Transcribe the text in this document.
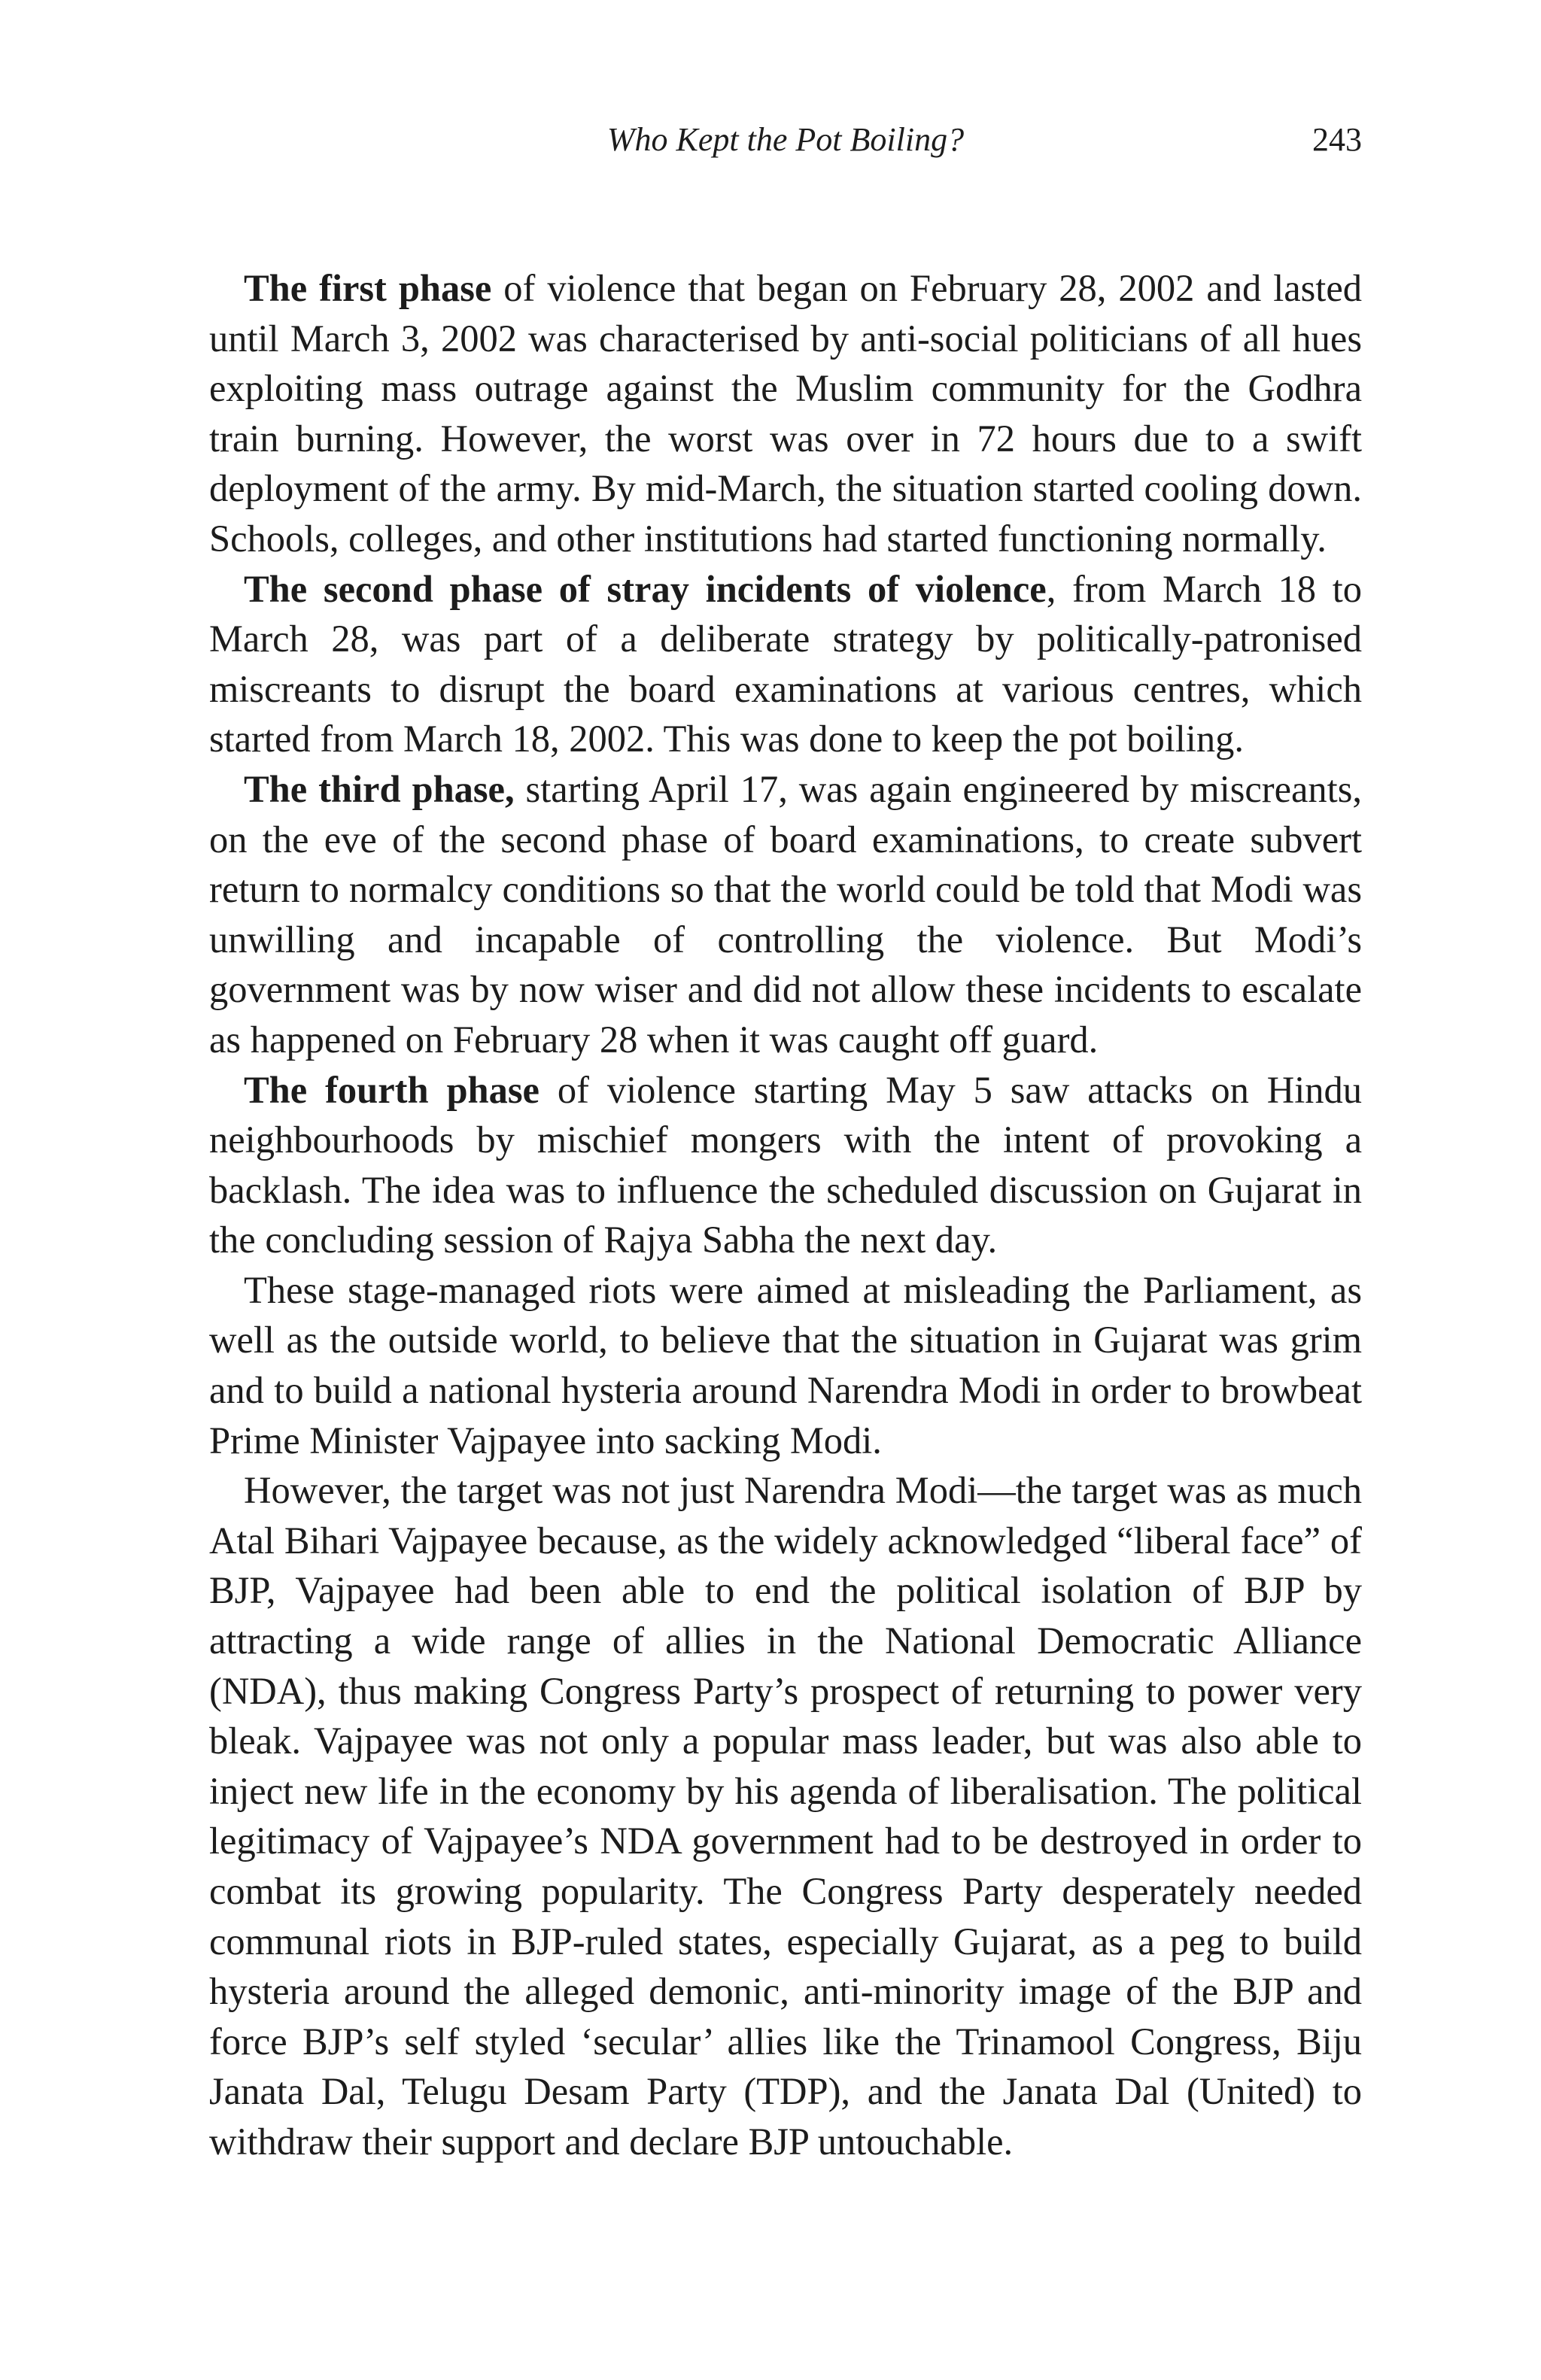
Who Kept the Pot Boiling?	243

The first phase of violence that began on February 28, 2002 and lasted until March 3, 2002 was characterised by anti-social politicians of all hues exploiting mass outrage against the Muslim community for the Godhra train burning. However, the worst was over in 72 hours due to a swift deployment of the army. By mid-March, the situation started cooling down. Schools, colleges, and other institutions had started functioning normally.

The second phase of stray incidents of violence, from March 18 to March 28, was part of a deliberate strategy by politically-patronised miscreants to disrupt the board examinations at various centres, which started from March 18, 2002. This was done to keep the pot boiling.

The third phase, starting April 17, was again engineered by miscreants, on the eve of the second phase of board examinations, to create subvert return to normalcy conditions so that the world could be told that Modi was unwilling and incapable of controlling the violence. But Modi’s government was by now wiser and did not allow these incidents to escalate as happened on February 28 when it was caught off guard.

The fourth phase of violence starting May 5 saw attacks on Hindu neighbourhoods by mischief mongers with the intent of provoking a backlash. The idea was to influence the scheduled discussion on Gujarat in the concluding session of Rajya Sabha the next day.

These stage-managed riots were aimed at misleading the Parliament, as well as the outside world, to believe that the situation in Gujarat was grim and to build a national hysteria around Narendra Modi in order to browbeat Prime Minister Vajpayee into sacking Modi.

However, the target was not just Narendra Modi—the target was as much Atal Bihari Vajpayee because, as the widely acknowledged “liberal face” of BJP, Vajpayee had been able to end the political isolation of BJP by attracting a wide range of allies in the National Democratic Alliance (NDA), thus making Congress Party’s prospect of returning to power very bleak. Vajpayee was not only a popular mass leader, but was also able to inject new life in the economy by his agenda of liberalisation. The political legitimacy of Vajpayee’s NDA government had to be destroyed in order to combat its growing popularity. The Congress Party desperately needed communal riots in BJP-ruled states, especially Gujarat, as a peg to build hysteria around the alleged demonic, anti-minority image of the BJP and force BJP’s self styled ‘secular’ allies like the Trinamool Congress, Biju Janata Dal, Telugu Desam Party (TDP), and the Janata Dal (United) to withdraw their support and declare BJP untouchable.
